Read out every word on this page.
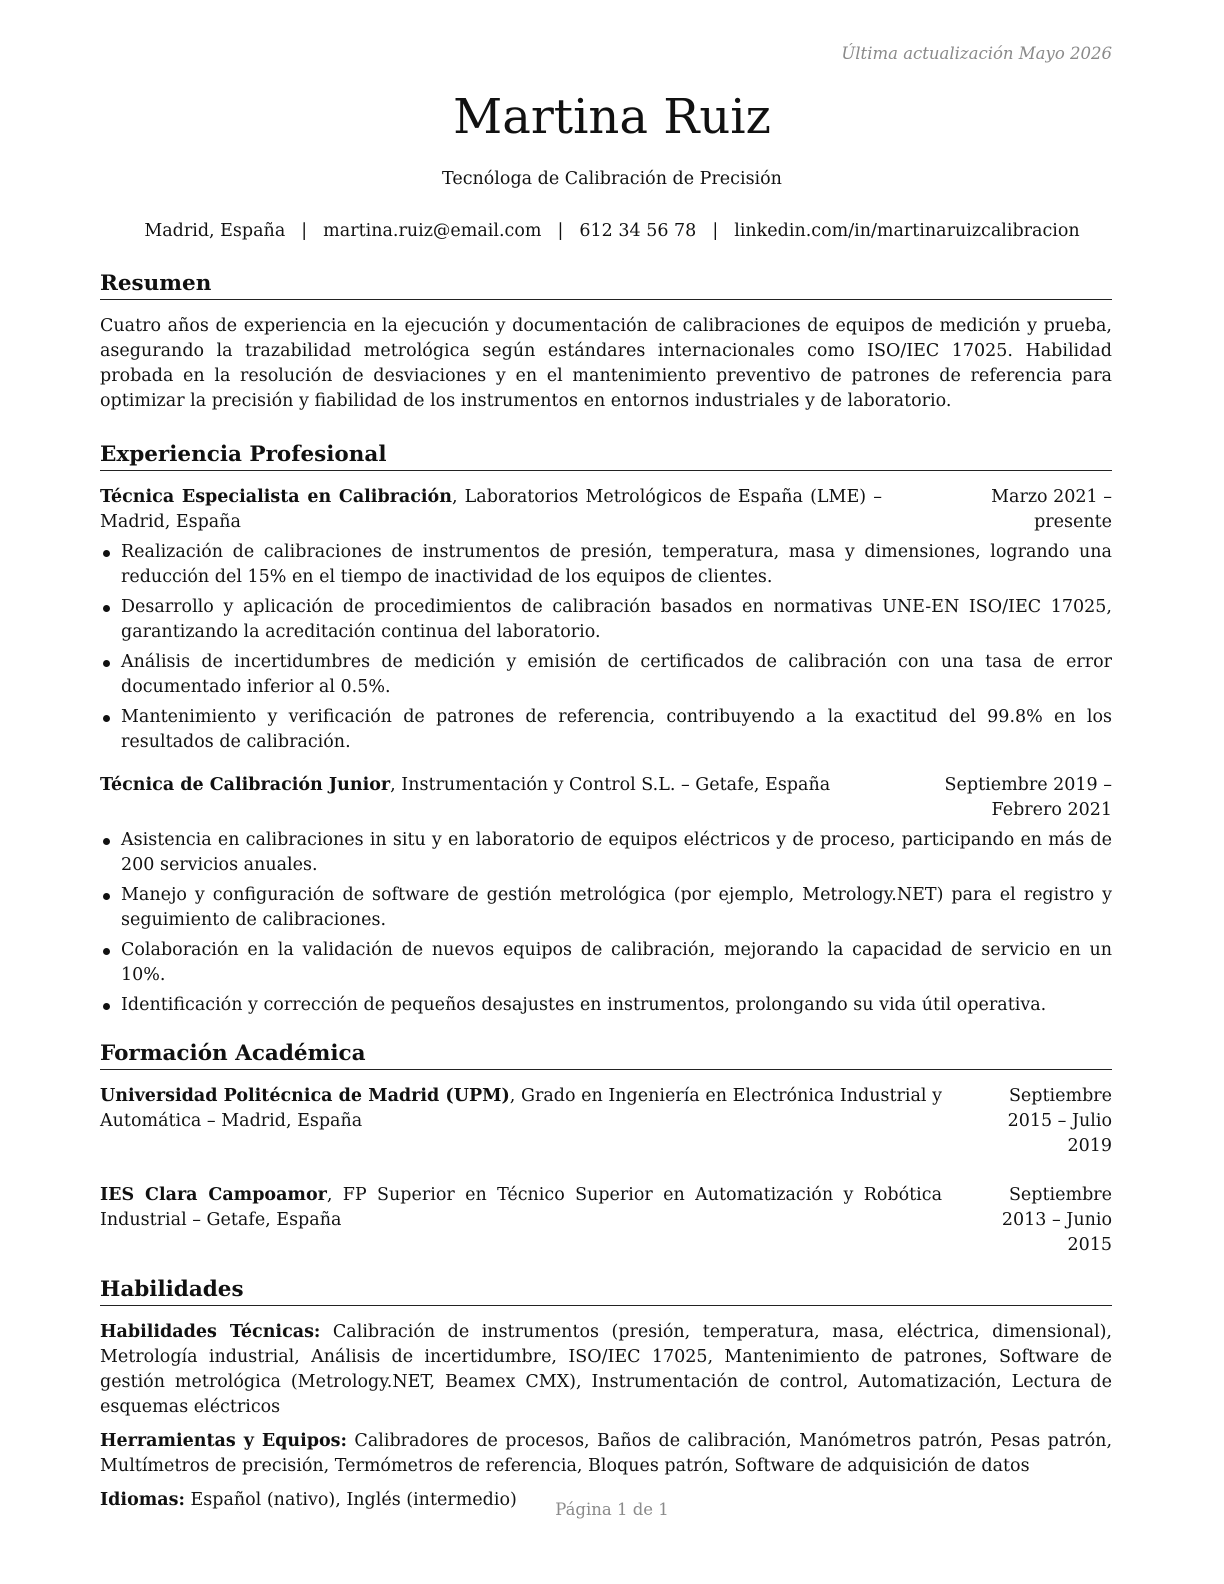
Última actualización Mayo 2026
Martina Ruiz
Tecnóloga de Calibración de Precisión
Madrid, España | martina.ruiz@email.com | 612 34 56 78 | linkedin.com/in/martinaruizcalibracion
Resumen

Cuatro años de experiencia en la ejecución y documentación de calibraciones de equipos de medición y prueba, asegurando la trazabilidad metrológica según estándares internacionales como ISO/IEC 17025. Habilidad probada en la resolución de desviaciones y en el mantenimiento preventivo de patrones de referencia para optimizar la precisión y fiabilidad de los instrumentos en entornos industriales y de laboratorio.

Experiencia Profesional
Técnica Especialista en Calibración, Laboratorios Metrológicos de España (LME) – Madrid, España
Marzo 2021 – presente
Realización de calibraciones de instrumentos de presión, temperatura, masa y dimensiones, logrando una reducción del 15% en el tiempo de inactividad de los equipos de clientes.
Desarrollo y aplicación de procedimientos de calibración basados en normativas UNE-EN ISO/IEC 17025, garantizando la acreditación continua del laboratorio.
Análisis de incertidumbres de medición y emisión de certificados de calibración con una tasa de error documentado inferior al 0.5%.
Mantenimiento y verificación de patrones de referencia, contribuyendo a la exactitud del 99.8% en los resultados de calibración.
Técnica de Calibración Junior, Instrumentación y Control S.L. – Getafe, España	Septiembre 2019 – Febrero 2021
Asistencia en calibraciones in situ y en laboratorio de equipos eléctricos y de proceso, participando en más de 200 servicios anuales.
Manejo y configuración de software de gestión metrológica (por ejemplo, Metrology.NET) para el registro y seguimiento de calibraciones.
Colaboración en la validación de nuevos equipos de calibración, mejorando la capacidad de servicio en un 10%.
Identificación y corrección de pequeños desajustes en instrumentos, prolongando su vida útil operativa.
Formación Académica
Universidad Politécnica de Madrid (UPM), Grado en Ingeniería en Electrónica Industrial y Automática – Madrid, España
Septiembre 2015 – Julio 2019
IES Clara Campoamor, FP Superior en Técnico Superior en Automatización y Robótica Industrial – Getafe, España
Septiembre 2013 – Junio 2015
Habilidades

Habilidades Técnicas: Calibración de instrumentos (presión, temperatura, masa, eléctrica, dimensional), Metrología industrial, Análisis de incertidumbre, ISO/IEC 17025, Mantenimiento de patrones, Software de gestión metrológica (Metrology.NET, Beamex CMX), Instrumentación de control, Automatización, Lectura de esquemas eléctricos

Herramientas y Equipos: Calibradores de procesos, Baños de calibración, Manómetros patrón, Pesas patrón, Multímetros de precisión, Termómetros de referencia, Bloques patrón, Software de adquisición de datos

Idiomas: Español (nativo), Inglés (intermedio)	Página 1 de 1
